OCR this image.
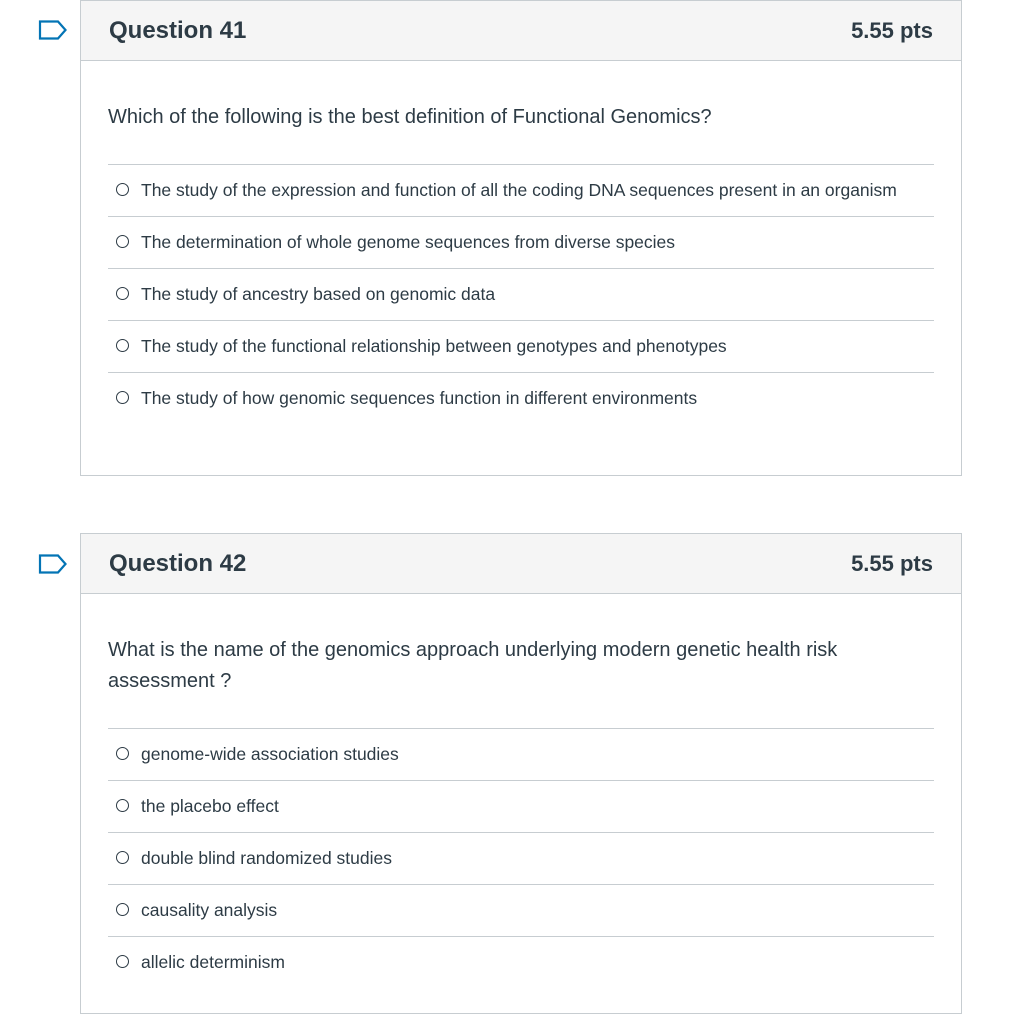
Question 41	5.55 pts

Which of the following is the best definition of Functional Genomics?

The study of the expression and function of all the coding DNA sequences present in an organism
The determination of whole genome sequences from diverse species
The study of ancestry based on genomic data
The study of the functional relationship between genotypes and phenotypes
The study of how genomic sequences function in different environments
Question 42	5.55 pts

What is the name of the genomics approach underlying modern genetic health risk assessment ?

genome-wide association studies
the placebo effect
double blind randomized studies
causality analysis
allelic determinism
